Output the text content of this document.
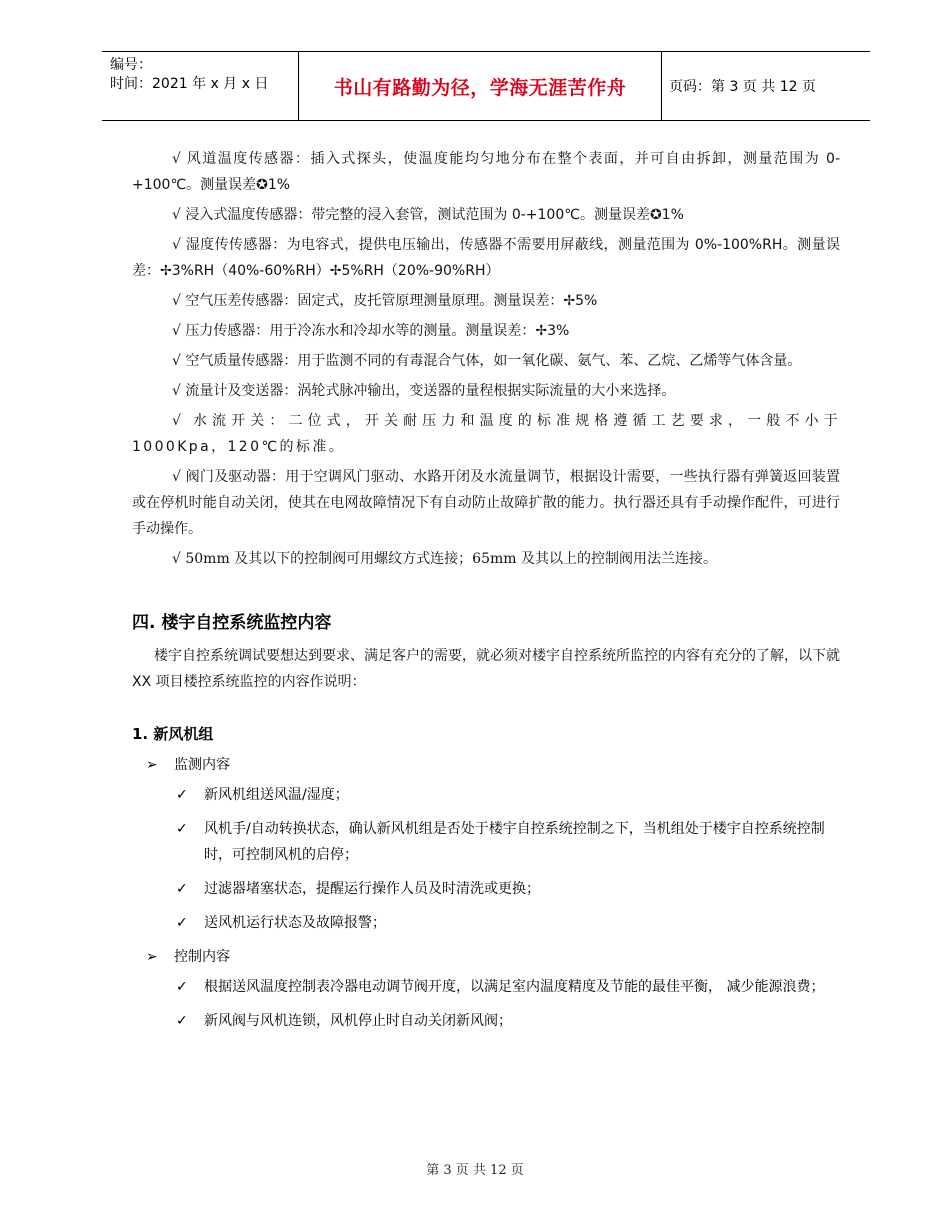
编号：
时间：2021 年 x 月 x 日	书山有路勤为径，学海无涯苦作舟	页码：第 3 页 共 12 页

√ 风道温度传感器：插入式探头，使温度能均匀地分布在整个表面，并可自由拆卸，测量范围为 0-+100℃。测量误差✪1%

√ 浸入式温度传感器：带完整的浸入套管，测试范围为 0-+100℃。测量误差✪1%

√ 湿度传传感器：为电容式，提供电压输出，传感器不需要用屏蔽线，测量范围为 0%-100%RH。测量误差：✢3%RH（40%-60%RH）✢5%RH（20%-90%RH）

√ 空气压差传感器：固定式，皮托管原理测量原理。测量误差：✢5%

√ 压力传感器：用于冷冻水和冷却水等的测量。测量误差：✢3%

√ 空气质量传感器：用于监测不同的有毒混合气体，如一氧化碳、氨气、苯、乙烷、乙烯等气体含量。

√ 流量计及变送器：涡轮式脉冲输出，变送器的量程根据实际流量的大小来选择。

√ 水流开关：二位式，开关耐压力和温度的标准规格遵循工艺要求，一般不小于 1000Kpa，120℃的标准。

√ 阀门及驱动器：用于空调风门驱动、水路开闭及水流量调节，根据设计需要，一些执行器有弹簧返回装置或在停机时能自动关闭，使其在电网故障情况下有自动防止故障扩散的能力。执行器还具有手动操作配件，可进行手动操作。

√ 50mm 及其以下的控制阀可用螺纹方式连接；65mm 及其以上的控制阀用法兰连接。

四. 楼宇自控系统监控内容

楼宇自控系统调试要想达到要求、满足客户的需要，就必须对楼宇自控系统所监控的内容有充分的了解，以下就 XX 项目楼控系统监控的内容作说明：

1. 新风机组
➢ 监测内容
✓ 新风机组送风温/湿度；
✓ 风机手/自动转换状态，确认新风机组是否处于楼宇自控系统控制之下，当机组处于楼宇自控系统控制时，可控制风机的启停；
✓ 过滤器堵塞状态，提醒运行操作人员及时清洗或更换；
✓ 送风机运行状态及故障报警；
➢ 控制内容
✓ 根据送风温度控制表冷器电动调节阀开度，以满足室内温度精度及节能的最佳平衡， 减少能源浪费；
✓ 新风阀与风机连锁，风机停止时自动关闭新风阀；
第 3 页 共 12 页
